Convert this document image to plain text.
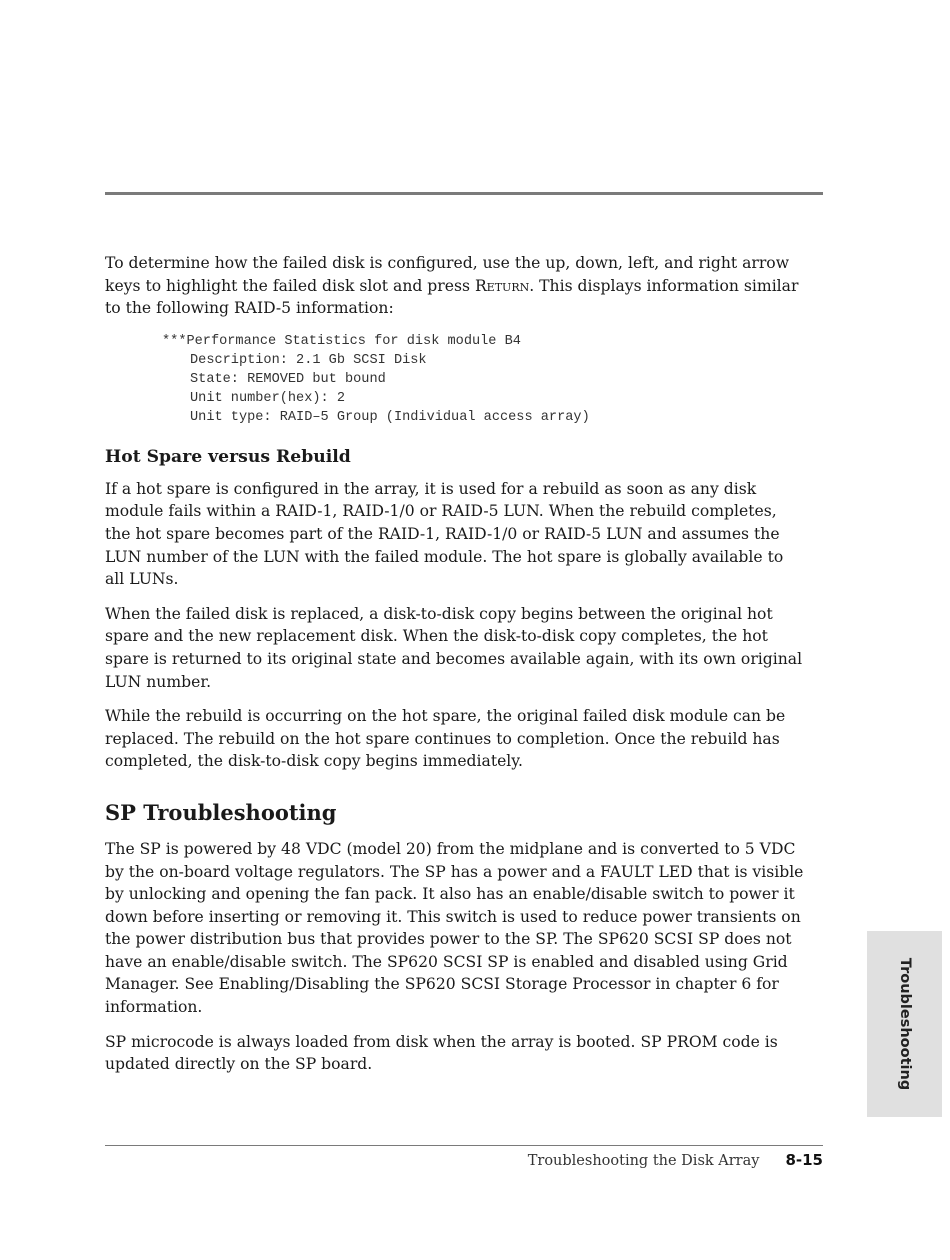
To determine how the failed disk is configured, use the up, down, left, and right arrow keys to highlight the failed disk slot and press Return. This displays information similar to the following RAID-5 information:

***Performance Statistics for disk module B4
Description: 2.1 Gb SCSI Disk
State: REMOVED but bound
Unit number(hex): 2
Unit type: RAID–5 Group (Individual access array)
Hot Spare versus Rebuild

If a hot spare is configured in the array, it is used for a rebuild as soon as any disk module fails within a RAID-1, RAID-1/0 or RAID-5 LUN. When the rebuild completes, the hot spare becomes part of the RAID-1, RAID-1/0 or RAID-5 LUN and assumes the LUN number of the LUN with the failed module. The hot spare is globally available to all LUNs.

When the failed disk is replaced, a disk-to-disk copy begins between the original hot spare and the new replacement disk. When the disk-to-disk copy completes, the hot spare is returned to its original state and becomes available again, with its own original LUN number.

While the rebuild is occurring on the hot spare, the original failed disk module can be replaced. The rebuild on the hot spare continues to completion. Once the rebuild has completed, the disk-to-disk copy begins immediately.

SP Troubleshooting

The SP is powered by 48 VDC (model 20) from the midplane and is converted to 5 VDC by the on-board voltage regulators. The SP has a power and a FAULT LED that is visible by unlocking and opening the fan pack. It also has an enable/disable switch to power it down before inserting or removing it. This switch is used to reduce power transients on the power distribution bus that provides power to the SP. The SP620 SCSI SP does not have an enable/disable switch. The SP620 SCSI SP is enabled and disabled using Grid Manager. See Enabling/Disabling the SP620 SCSI Storage Processor in chapter 6 for information.

SP microcode is always loaded from disk when the array is booted. SP PROM code is updated directly on the SP board.	Troubleshooting
Troubleshooting the Disk Array 8-15
